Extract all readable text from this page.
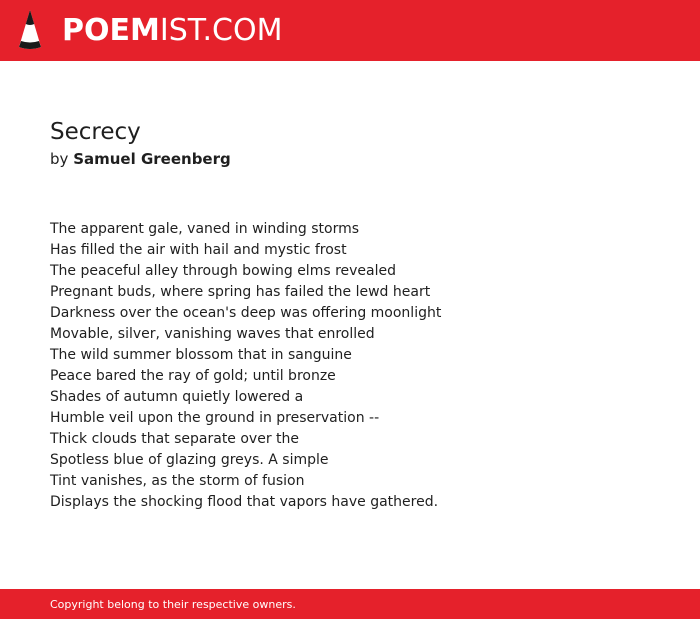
POEMIST.COM
Secrecy
by Samuel Greenberg
The apparent gale, vaned in winding storms
Has filled the air with hail and mystic frost
The peaceful alley through bowing elms revealed
Pregnant buds, where spring has failed the lewd heart
Darkness over the ocean's deep was offering moonlight
Movable, silver, vanishing waves that enrolled
The wild summer blossom that in sanguine
Peace bared the ray of gold; until bronze
Shades of autumn quietly lowered a
Humble veil upon the ground in preservation --
Thick clouds that separate over the
Spotless blue of glazing greys. A simple
Tint vanishes, as the storm of fusion
Displays the shocking flood that vapors have gathered.
Copyright belong to their respective owners.
